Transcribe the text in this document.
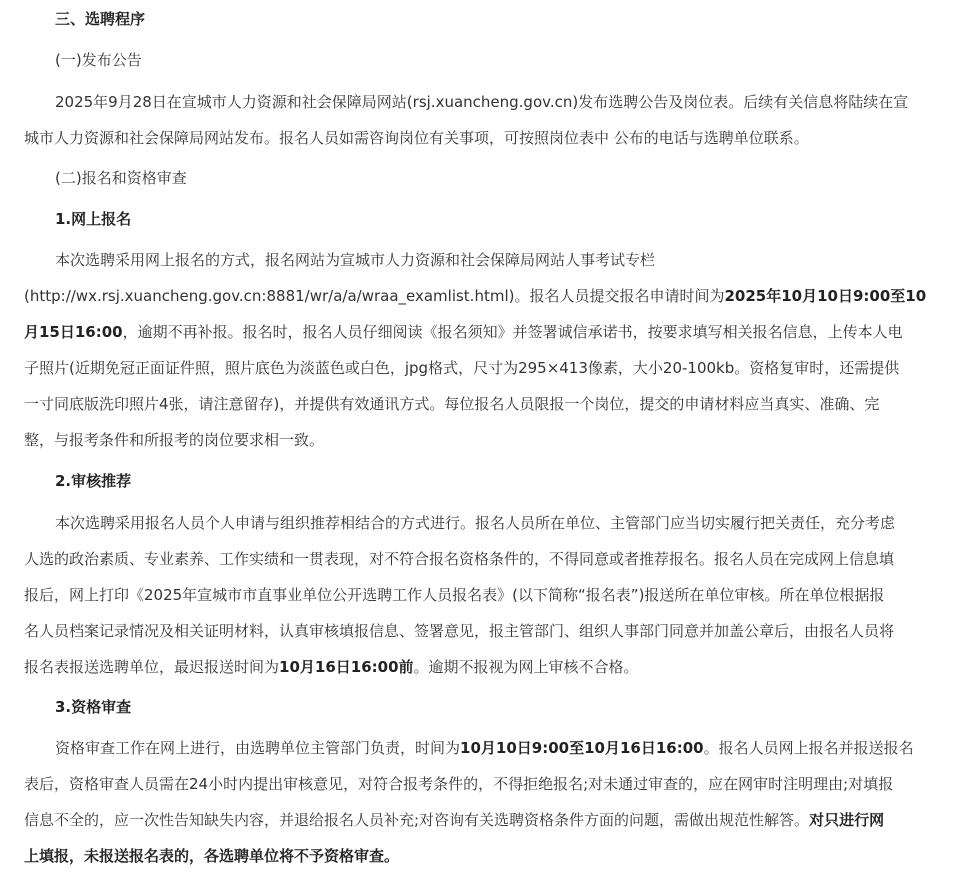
三、选聘程序
(一)发布公告
2025年9月28日在宣城市人力资源和社会保障局网站(rsj.xuancheng.gov.cn)发布选聘公告及岗位表。后续有关信息将陆续在宣
城市人力资源和社会保障局网站发布。报名人员如需咨询岗位有关事项，可按照岗位表中 公布的电话与选聘单位联系。
(二)报名和资格审查
1.网上报名
本次选聘采用网上报名的方式，报名网站为宣城市人力资源和社会保障局网站人事考试专栏
(http://wx.rsj.xuancheng.gov.cn:8881/wr/a/a/wraa_examlist.html)。报名人员提交报名申请时间为2025年10月10日9:00至10
月15日16:00，逾期不再补报。报名时，报名人员仔细阅读《报名须知》并签署诚信承诺书，按要求填写相关报名信息，上传本人电
子照片(近期免冠正面证件照，照片底色为淡蓝色或白色，jpg格式，尺寸为295×413像素，大小20-100kb。资格复审时，还需提供
一寸同底版洗印照片4张，请注意留存)，并提供有效通讯方式。每位报名人员限报一个岗位，提交的申请材料应当真实、准确、完
整，与报考条件和所报考的岗位要求相一致。
2.审核推荐
本次选聘采用报名人员个人申请与组织推荐相结合的方式进行。报名人员所在单位、主管部门应当切实履行把关责任，充分考虑
人选的政治素质、专业素养、工作实绩和一贯表现，对不符合报名资格条件的，不得同意或者推荐报名。报名人员在完成网上信息填
报后，网上打印《2025年宣城市市直事业单位公开选聘工作人员报名表》(以下简称“报名表”)报送所在单位审核。所在单位根据报
名人员档案记录情况及相关证明材料，认真审核填报信息、签署意见，报主管部门、组织人事部门同意并加盖公章后，由报名人员将
报名表报送选聘单位，最迟报送时间为10月16日16:00前。逾期不报视为网上审核不合格。
3.资格审查
资格审查工作在网上进行，由选聘单位主管部门负责，时间为10月10日9:00至10月16日16:00。报名人员网上报名并报送报名
表后，资格审查人员需在24小时内提出审核意见，对符合报考条件的，不得拒绝报名;对未通过审查的，应在网审时注明理由;对填报
信息不全的，应一次性告知缺失内容，并退给报名人员补充;对咨询有关选聘资格条件方面的问题，需做出规范性解答。对只进行网
上填报，未报送报名表的，各选聘单位将不予资格审查。
